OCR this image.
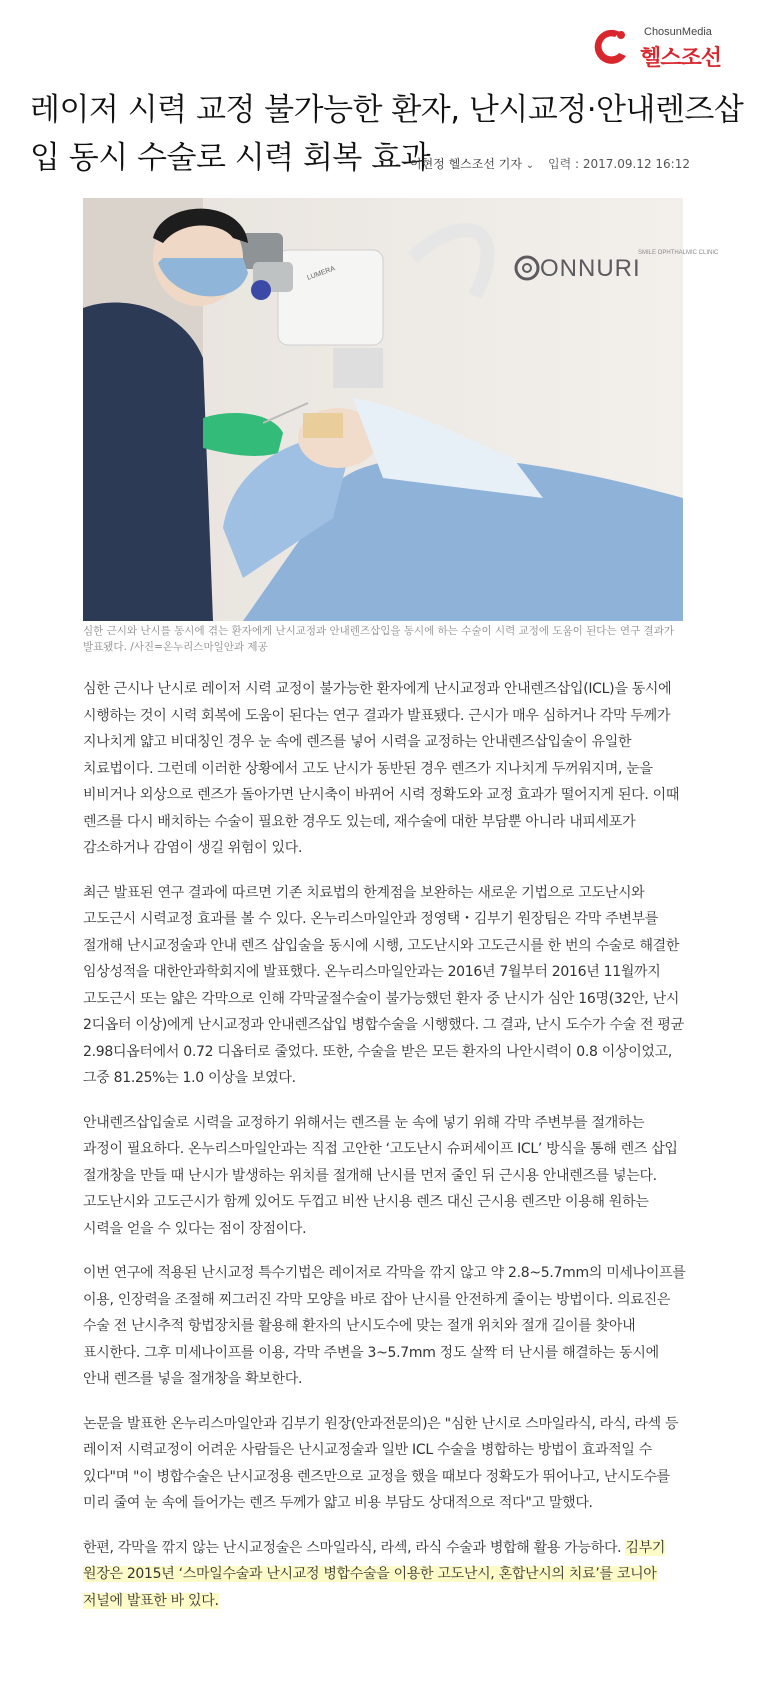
ChosunMedia
헬스조선
레이저 시력 교정 불가능한 환자, 난시교정·안내렌즈삽입 동시 수술로 시력 회복 효과
이현정 헬스조선 기자 ⌄ 입력 : 2017.09.12 16:12
ONNURI
SMILE OPHTHALMIC CLINIC
LUMERA

심한 근시와 난시를 동시에 겪는 환자에게 난시교정과 안내렌즈삽입을 동시에 하는 수술이 시력 교정에 도움이 된다는 연구 결과가 발표됐다. /사진=온누리스마일안과 제공

심한 근시나 난시로 레이저 시력 교정이 불가능한 환자에게 난시교정과 안내렌즈삽입(ICL)을 동시에 시행하는 것이 시력 회복에 도움이 된다는 연구 결과가 발표됐다. 근시가 매우 심하거나 각막 두께가 지나치게 얇고 비대칭인 경우 눈 속에 렌즈를 넣어 시력을 교정하는 안내렌즈삽입술이 유일한 치료법이다. 그런데 이러한 상황에서 고도 난시가 동반된 경우 렌즈가 지나치게 두꺼워지며, 눈을 비비거나 외상으로 렌즈가 돌아가면 난시축이 바뀌어 시력 정확도와 교정 효과가 떨어지게 된다. 이때 렌즈를 다시 배치하는 수술이 필요한 경우도 있는데, 재수술에 대한 부담뿐 아니라 내피세포가 감소하거나 감염이 생길 위험이 있다.

최근 발표된 연구 결과에 따르면 기존 치료법의 한계점을 보완하는 새로운 기법으로 고도난시와 고도근시 시력교정 효과를 볼 수 있다. 온누리스마일안과 정영택・김부기 원장팀은 각막 주변부를 절개해 난시교정술과 안내 렌즈 삽입술을 동시에 시행, 고도난시와 고도근시를 한 번의 수술로 해결한 임상성적을 대한안과학회지에 발표했다. 온누리스마일안과는 2016년 7월부터 2016년 11월까지 고도근시 또는 얇은 각막으로 인해 각막굴절수술이 불가능했던 환자 중 난시가 심안 16명(32안, 난시 2디옵터 이상)에게 난시교정과 안내렌즈삽입 병합수술을 시행했다. 그 결과, 난시 도수가 수술 전 평균 2.98디옵터에서 0.72 디옵터로 줄었다. 또한, 수술을 받은 모든 환자의 나안시력이 0.8 이상이었고, 그중 81.25%는 1.0 이상을 보였다.

안내렌즈삽입술로 시력을 교정하기 위해서는 렌즈를 눈 속에 넣기 위해 각막 주변부를 절개하는 과정이 필요하다. 온누리스마일안과는 직접 고안한 ‘고도난시 슈퍼세이프 ICL’ 방식을 통해 렌즈 삽입 절개창을 만들 때 난시가 발생하는 위치를 절개해 난시를 먼저 줄인 뒤 근시용 안내렌즈를 넣는다. 고도난시와 고도근시가 함께 있어도 두껍고 비싼 난시용 렌즈 대신 근시용 렌즈만 이용해 원하는 시력을 얻을 수 있다는 점이 장점이다.

이번 연구에 적용된 난시교정 특수기법은 레이저로 각막을 깎지 않고 약 2.8~5.7mm의 미세나이프를 이용, 인장력을 조절해 찌그러진 각막 모양을 바로 잡아 난시를 안전하게 줄이는 방법이다. 의료진은 수술 전 난시추적 항법장치를 활용해 환자의 난시도수에 맞는 절개 위치와 절개 길이를 찾아내 표시한다. 그후 미세나이프를 이용, 각막 주변을 3~5.7mm 정도 살짝 터 난시를 해결하는 동시에 안내 렌즈를 넣을 절개창을 확보한다.

논문을 발표한 온누리스마일안과 김부기 원장(안과전문의)은 "심한 난시로 스마일라식, 라식, 라섹 등 레이저 시력교정이 어려운 사람들은 난시교정술과 일반 ICL 수술을 병합하는 방법이 효과적일 수 있다"며 "이 병합수술은 난시교정용 렌즈만으로 교정을 했을 때보다 정확도가 뛰어나고, 난시도수를 미리 줄여 눈 속에 들어가는 렌즈 두께가 얇고 비용 부담도 상대적으로 적다"고 말했다.

한편, 각막을 깎지 않는 난시교정술은 스마일라식, 라섹, 라식 수술과 병합해 활용 가능하다. 김부기 원장은 2015년 ‘스마일수술과 난시교정 병합수술을 이용한 고도난시, 혼합난시의 치료’를 코니아 저널에 발표한 바 있다.
